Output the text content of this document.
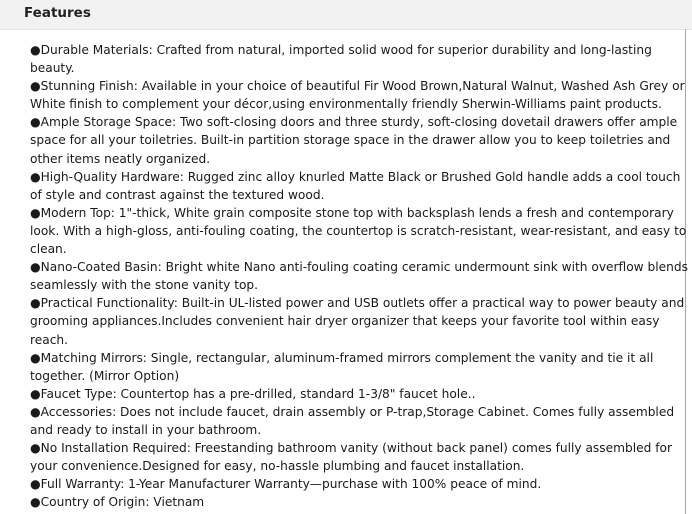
Features
●Durable Materials: Crafted from natural, imported solid wood for superior durability and long-lasting beauty.
●Stunning Finish: Available in your choice of beautiful Fir Wood Brown,Natural Walnut, Washed Ash Grey or White finish to complement your décor,using environmentally friendly Sherwin-Williams paint products.
●Ample Storage Space: Two soft-closing doors and three sturdy, soft-closing dovetail drawers offer ample space for all your toiletries. Built-in partition storage space in the drawer allow you to keep toiletries and other items neatly organized.
●High-Quality Hardware: Rugged zinc alloy knurled Matte Black or Brushed Gold handle adds a cool touch of style and contrast against the textured wood.
●Modern Top: 1"-thick, White grain composite stone top with backsplash lends a fresh and contemporary look. With a high-gloss, anti-fouling coating, the countertop is scratch-resistant, wear-resistant, and easy to clean.
●Nano-Coated Basin: Bright white Nano anti-fouling coating ceramic undermount sink with overflow blends seamlessly with the stone vanity top.
●Practical Functionality: Built-in UL-listed power and USB outlets offer a practical way to power beauty and grooming appliances.Includes convenient hair dryer organizer that keeps your favorite tool within easy reach.
●Matching Mirrors: Single, rectangular, aluminum-framed mirrors complement the vanity and tie it all together. (Mirror Option)
●Faucet Type: Countertop has a pre-drilled, standard 1-3/8" faucet hole..
●Accessories: Does not include faucet, drain assembly or P-trap,Storage Cabinet. Comes fully assembled and ready to install in your bathroom.
●No Installation Required: Freestanding bathroom vanity (without back panel) comes fully assembled for your convenience.Designed for easy, no-hassle plumbing and faucet installation.
●Full Warranty: 1-Year Manufacturer Warranty—purchase with 100% peace of mind.
●Country of Origin: Vietnam
